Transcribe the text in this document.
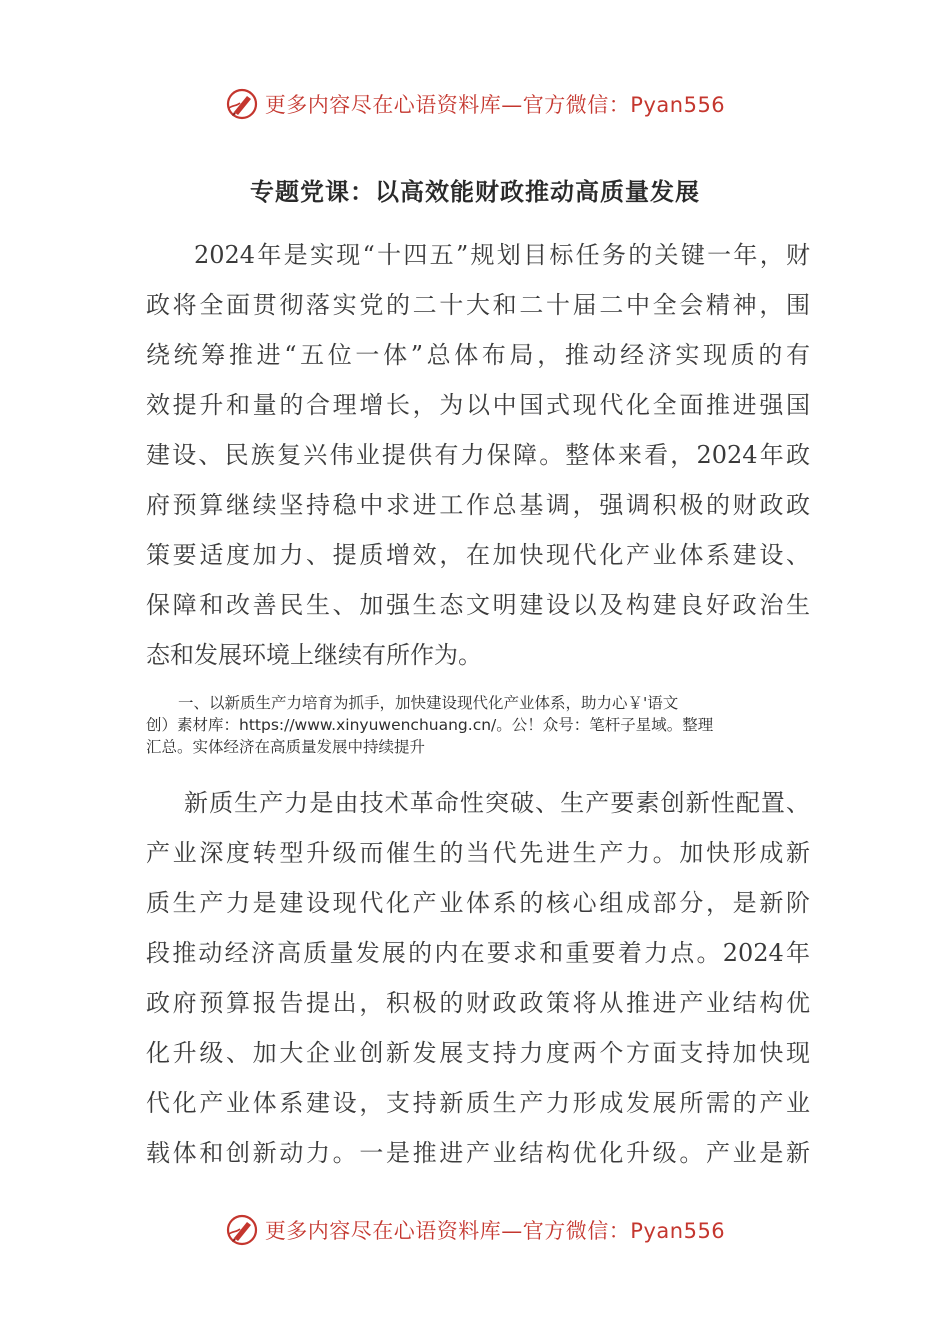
更多内容尽在心语资料库—官方微信：Pyan556
专题党课：以高效能财政推动高质量发展
2024年是实现“十四五”规划目标任务的关键一年，财
政将全面贯彻落实党的二十大和二十届二中全会精神，围
绕统筹推进“五位一体”总体布局，推动经济实现质的有
效提升和量的合理增长，为以中国式现代化全面推进强国
建设、民族复兴伟业提供有力保障。整体来看，2024年政
府预算继续坚持稳中求进工作总基调，强调积极的财政政
策要适度加力、提质增效，在加快现代化产业体系建设、
保障和改善民生、加强生态文明建设以及构建良好政治生
态和发展环境上继续有所作为。
一、以新质生产力培育为抓手，加快建设现代化产业体系，助力心￥'语文
创）素材库：https://www.xinyuwenchuang.cn/。公！众号：笔杆子星域。整理
汇总。实体经济在高质量发展中持续提升
新质生产力是由技术革命性突破、生产要素创新性配置、
产业深度转型升级而催生的当代先进生产力。加快形成新
质生产力是建设现代化产业体系的核心组成部分，是新阶
段推动经济高质量发展的内在要求和重要着力点。2024年
政府预算报告提出，积极的财政政策将从推进产业结构优
化升级、加大企业创新发展支持力度两个方面支持加快现
代化产业体系建设，支持新质生产力形成发展所需的产业
载体和创新动力。一是推进产业结构优化升级。产业是新
更多内容尽在心语资料库—官方微信：Pyan556
